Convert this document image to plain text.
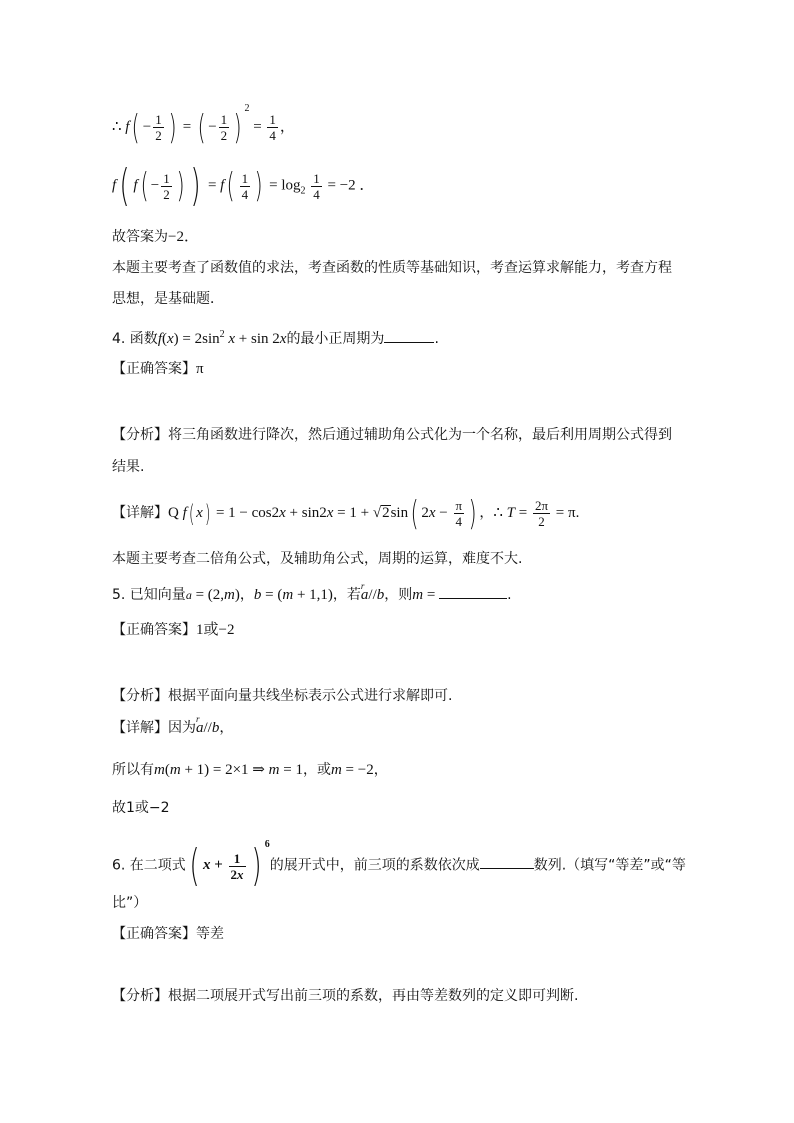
∴ $f( - \frac{1}{2}$ ) = ( − $\frac{1}{2}$ ) $^2 = \frac{1}{4}$ ，
f( $f( - \frac{1}{2}$ ) ) = $f( \frac{1}{4}$ ) = $\log_2 \frac{1}{4} = -2$ ．
故答案为−2．
本题主要考查了函数值的求法，考查函数的性质等基础知识，考查运算求解能力，考查方程
思想，是基础题．
4. 函数$f(x) = 2\sin^2$ x + sin 2x的最小正周期为	.
【正确答案】π
【分析】将三角函数进行降次，然后通过辅助角公式化为一个名称，最后利用周期公式得到
结果.
【详解】Q f( x) = 1 − cos2x + sin2x = 1 + √2sin( $2x - \frac{\pi}{4}$ ) ，∴ $T = \frac{2\pi}{2} = \pi$.
本题主要考查二倍角公式，及辅助角公式，周期的运算，难度不大.
5. 已知向量a = (2,m)，b = (m + 1,1)，若r a//b，则m =	.
【正确答案】1或−2
【分析】根据平面向量共线坐标表示公式进行求解即可.
【详解】因为r a//b，
所以有m(m + 1) = 2×1 ⇒ m = 1，或m = −2，
故1或−2
6. 在二项式( $x + \frac{1}{2x}$ ) $^6$的展开式中，前三项的系数依次成	数列.（填写“等差”或“等
比”）
【正确答案】等差
【分析】根据二项展开式写出前三项的系数，再由等差数列的定义即可判断.
